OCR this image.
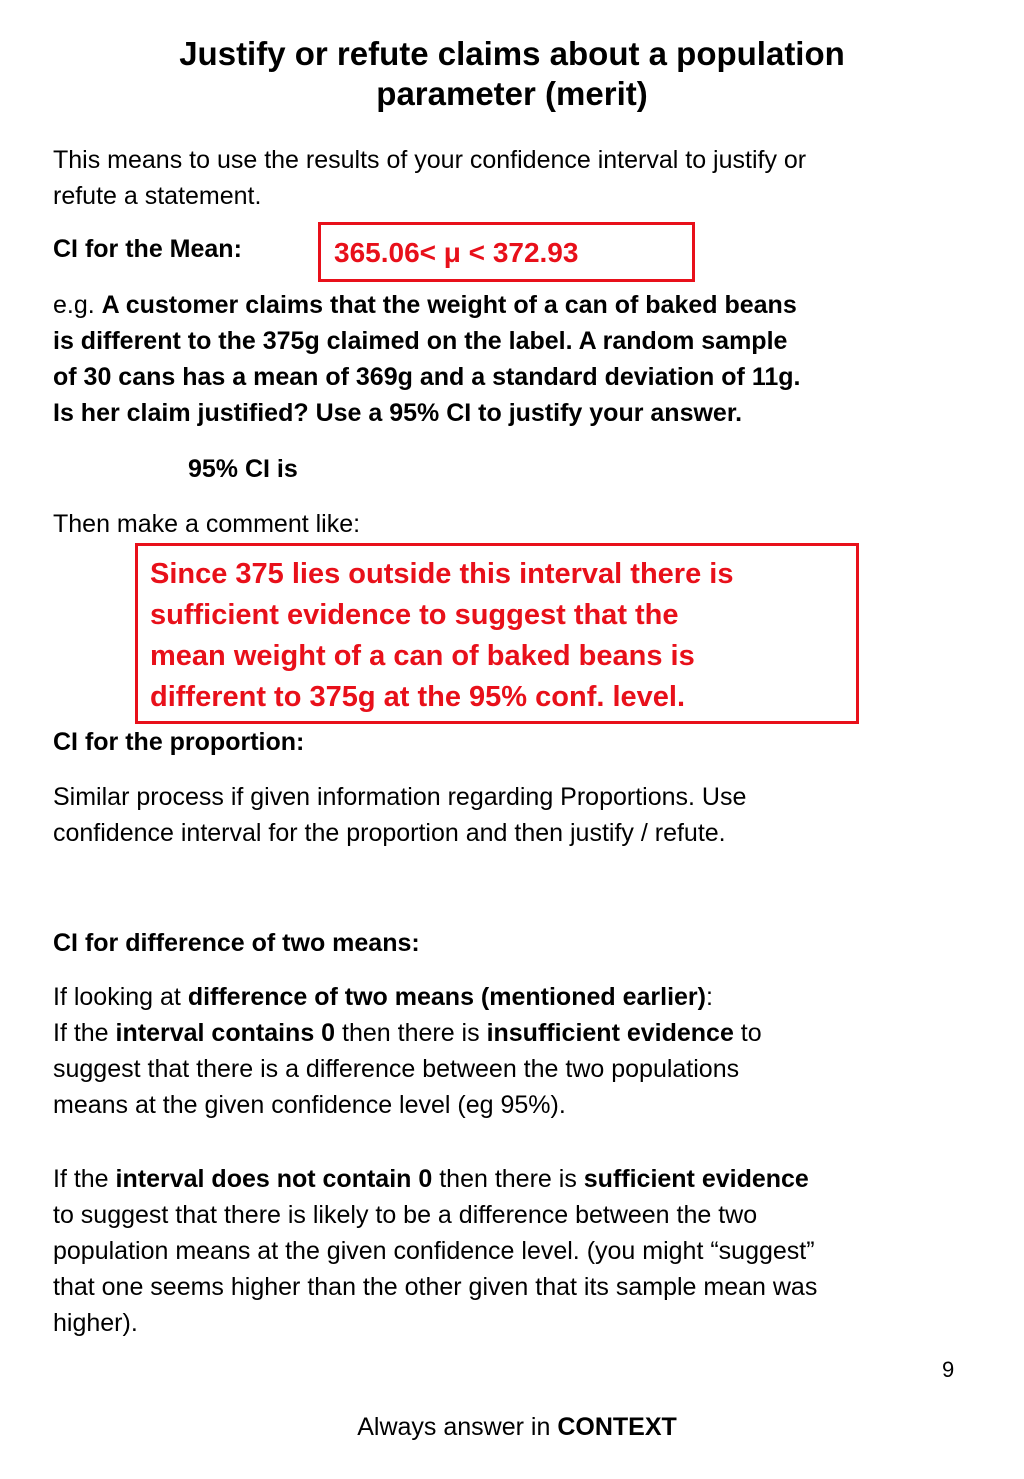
Justify or refute claims about a population
parameter (merit)
This means to use the results of your confidence interval to justify or
refute a statement.
CI for the Mean:	365.06< μ < 372.93
e.g. A customer claims that the weight of a can of baked beans
is different to the 375g claimed on the label. A random sample
of 30 cans has a mean of 369g and a standard deviation of 11g.
Is her claim justified? Use a 95% CI to justify your answer.
95% CI is
Then make a comment like:
Since 375 lies outside this interval there is
sufficient evidence to suggest that the
mean weight of a can of baked beans is
different to 375g at the 95% conf. level.
CI for the proportion:
Similar process if given information regarding Proportions. Use
confidence interval for the proportion and then justify / refute.
CI for difference of two means:
If looking at difference of two means (mentioned earlier):
If the interval contains 0 then there is insufficient evidence to
suggest that there is a difference between the two populations
means at the given confidence level (eg 95%).
If the interval does not contain 0 then there is sufficient evidence
to suggest that there is likely to be a difference between the two
population means at the given confidence level. (you might “suggest”
that one seems higher than the other given that its sample mean was
higher).
9
Always answer in CONTEXT
